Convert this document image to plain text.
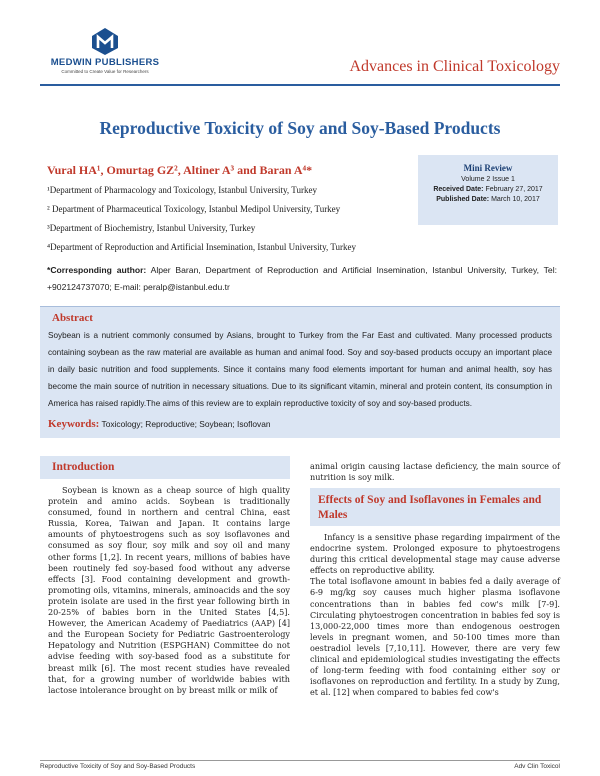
MEDWIN PUBLISHERS
Committed to Create Value for Researchers	Advances in Clinical Toxicology
Reproductive Toxicity of Soy and Soy-Based Products
Vural HA¹, Omurtag GZ², Altiner A³ and Baran A⁴*
¹Department of Pharmacology and Toxicology, Istanbul University, Turkey
² Department of Pharmaceutical Toxicology, Istanbul Medipol University, Turkey
³Department of Biochemistry, Istanbul University, Turkey
⁴Department of Reproduction and Artificial Insemination, Istanbul University, Turkey
Mini Review
Volume 2 Issue 1
Received Date: February 27, 2017
Published Date: March 10, 2017
*Corresponding author: Alper Baran, Department of Reproduction and Artificial Insemination, Istanbul University, Turkey, Tel: +902124737070; E-mail: peralp@istanbul.edu.tr
Abstract
Soybean is a nutrient commonly consumed by Asians, brought to Turkey from the Far East and cultivated. Many processed products containing soybean as the raw material are available as human and animal food. Soy and soy-based products occupy an important place in daily basic nutrition and food supplements. Since it contains many food elements important for human and animal health, soy has become the main source of nutrition in necessary situations. Due to its significant vitamin, mineral and protein content, its consumption in America has raised rapidly.The aims of this review are to explain reproductive toxicity of soy and soy-based products.
Keywords: Toxicology; Reproductive; Soybean; Isoflovan
Introduction

Soybean is known as a cheap source of high quality protein and amino acids. Soybean is traditionally consumed, found in northern and central China, east Russia, Korea, Taiwan and Japan. It contains large amounts of phytoestrogens such as soy isoflavones and consumed as soy flour, soy milk and soy oil and many other forms [1,2]. In recent years, millions of babies have been routinely fed soy-based food without any adverse effects [3]. Food containing development and growth-promoting oils, vitamins, minerals, aminoacids and the soy protein isolate are used in the first year following birth in 20-25% of babies born in the United States [4,5]. However, the American Academy of Paediatrics (AAP) [4] and the European Society for Pediatric Gastroenterology Hepatology and Nutrition (ESPGHAN) Committee do not advise feeding with soy-based food as a substitute for breast milk [6]. The most recent studies have revealed that, for a growing number of worldwide babies with lactose intolerance brought on by breast milk or milk of

animal origin causing lactase deficiency, the main source of nutrition is soy milk.

Effects of Soy and Isoflavones in Females and Males

Infancy is a sensitive phase regarding impairment of the endocrine system. Prolonged exposure to phytoestrogens during this critical developmental stage may cause adverse effects on reproductive ability.

The total isoflavone amount in babies fed a daily average of 6-9 mg/kg soy causes much higher plasma isoflavone concentrations than in babies fed cow's milk [7-9]. Circulating phytoestrogen concentration in babies fed soy is 13,000-22,000 times more than endogenous oestrogen levels in pregnant women, and 50-100 times more than oestradiol levels [7,10,11]. However, there are very few clinical and epidemiological studies investigating the effects of long-term feeding with food containing either soy or isoflavones on reproduction and fertility. In a study by Zung, et al. [12] when compared to babies fed cow's

Reproductive Toxicity of Soy and Soy-Based Products	Adv Clin Toxicol
